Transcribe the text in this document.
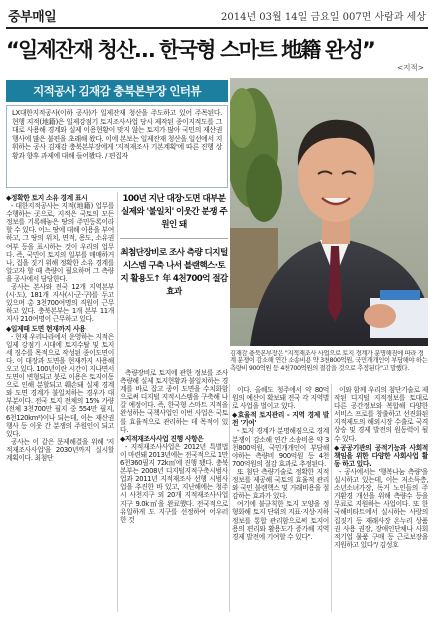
중부매일	2014년 03월 14일 금요일 007면 사람과 세상
“일제잔재 청산… 한국형 스마트 地籍 완성”
<지적>
지적공사 김재감 충북본부장 인터뷰
LX대한지적공사(이하 공사)가 일제잔재 청산을 주도하고 있어 주목된다. 현행 지적(地籍)은 일제강점기 토지조사사업 당시 제작된 종이지적도를 그대로 사용해 경계와 실제 이용현황이 맞지 않는 토지가 많아 국민의 재산권 행사에 많은 불편을 초래해 왔다. 이에 본보는 일제잔재 청산을 일선에서 지휘하는 공사 김재감 충북본부장에게 '지적재조사 기본계획'에 따른 진행 상황과 향후 과제에 대해 들어봤다. / 편집자
김재감 충북본부장은 "지적재조사 사업으로 토지 경계가 분명해짐에 따라 경계 분쟁이 감소해 연간 소송비용 약 3천800억원, 국민개개인이 부담해야 하는 측량비 900억원 등 4천700억원의 절감을 것으로 추정된다"고 말했다.
100년 지난 대장·도면 대부분 실제와 '불일치' 이웃간 분쟁 주원인 돼
최첨단장비로 조사 측량 디지털시스템 구축 나서 블랜핵스·토지 활용도↑ 年 4천700억 절감 효과

◆정확한 토지 소유 경계 표시

- 대한지적공사는 지적(地籍) 업무를 수행하는 곳으로, 지적은 국토의 모든 정보를 기록해놓은 땅의 주민등록이라 할 수 있다. 어느 땅에 대해 이용을 부여하고, 그 땅의 위치, 면적, 용도, 소유권 여부 등을 표시하는 것이 우리의 업무다. 즉, 국민이 토지의 일부를 매매하거나, 집을 짓기 위해 정확한 소유 경계를 알고자 할 때 측량이 필요하며 그 측량을 공사에서 담당한다.

공사는 본사와 전국 12개 지역본부(시·도), 181개 지사(시·군·구)를 두고 있으며 총 3천700여명의 직원이 근무하고 있다. 충북본부는 1개 본부 11개 지사 210여명이 근무하고 있다.

◆일제때 도면 현재까지 사용

- 현재 우리나라에서 운영하는 지적은 일제 강점기 시대에 토지수탈 및 토지세 징수를 목적으로 작성된 종이도면이다. 이 대장과 도면을 현재까지 사용해 오고 있다. 100년이란 시간이 지나면서 도면이 변형되고 붓로 이용은 토지이동으로 인해 분할되고 훼손돼 실제 경계와 도면 경계가 불일치하는 경우가 대부분이다. 전국 토지 전체의 15% 가량 (전체 3천700만 필지 중 554만 필지, 6천120km²)이나 되는데, 이는 재산권 행사 등 이웃 간 분쟁의 주원인이 되고 있다.

공사는 이 같은 문제해결을 위해 '지적재조사사업'을 2030년까지 실시할 계획이다. 최첨단

측량장비로 토지에 관한 정보를 조사 측량해 실제 토지현황과 불일치하는 경계를 바로 잡고 종이 도면을 수치화함으로써 디지털 지적시스템을 구축해 나갈 예정이다. 즉, 한국형 스마트 지적을 완성하는 국책사업인 이번 사업은 국토를 효율적으로 관리하는 데 목적이 있다.

◆지적재조사사업 진행 사항은

- 지적재조사사업은 2012년 특별법이 마련돼 2013년에는 전국적으로 1만6천360필지 72k㎡에 진행 됐다. 충북본부는 2008년 디지털지적구축시범사업과 2011년 지적재조사 선행 시범사업을 추진한 바 있고, 지난해에는 청주시 사천지구 외 20개 지적재조사사업 지구 9.0k㎡을 완료했다. 전국적으로 유일하게 도 지구를 선정하여 어우러 한 것

이다. 올해도 청주에서 약 80억 원의 예산이 확보돼 전국 각 지역별로 사업을 벌이고 있다.

◆효율적 토지관리 - 지역 경제 발전 '기여'

- 토지 경계가 분명해짐으로 경계 분쟁이 감소해 연간 소송비용 약 3천800억원, 국민개개인이 부담해야하는 측량비 900억원 등 4천700억원의 절감 효과로 추정된다.

또 첨단 측량기술로 정확한 지적정보를 제공해 국토의 효율적 관리와 국민 블랜핵스 및 거래비용을 절감하는 효과가 있다.

여기에 불규칙한 토지 모양을 정형화해 토지 단위의 지표·지상·지하정보를 통합 관리함으로써 토지이용의 편리와 활용도가 증가해 지역 경제 발전에 기여할 수 있다".

이와 함께 우리의 첨단기술로 제작된 디지털 지적정보를 토대로 다른 공간정보와 복합해 다양한 서비스 프로를 창출하고 선진화된 지적제도의 해외시장 수출로 국격 상승 및 경제 발전의 원동력이 될 수 있다.

◆공공기관의 공적기능과 사회적 책임을 위한 다양한 사회사업 활동 하고 있다.

- 공사에서는 '행복나눔 측량'을 실시하고 있는데, 이는 저소득층, 소년소녀가장, 독거 노인들의 주거환경 개선을 위해 측량수 등을 무료로 지원하는 사업이다. 또 한국해비타트에서 실시하는 사랑의 집짓기 등 재래사장 온누리 상품권 사용 권장, 장애인단체나 사회적기업 물품 구매 등 근로보장을 지원하고 있다"/ 김성호
